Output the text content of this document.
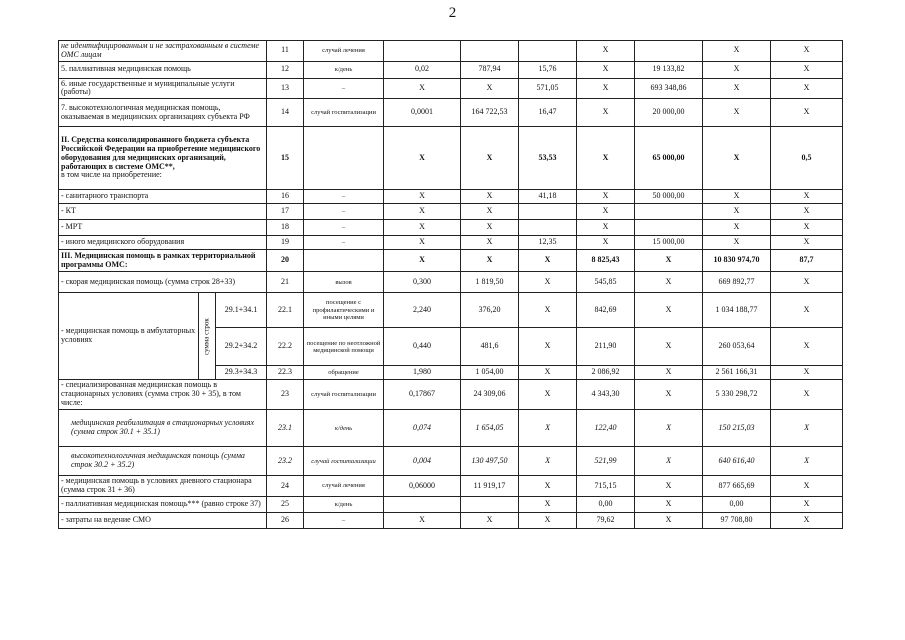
2
не идентифицированным и не застрахованным в системе ОМС лицам			11	случай лечения				Х		Х	Х
5. паллиативная медицинская помощь			12	к/день	0,02	787,94	15,76	Х	19 133,82	Х	Х
6. иные государственные и муниципальные услуги (работы)			13	–	Х	Х	571,05	Х	693 348,86	Х	Х
7. высокотехнологичная медицинская помощь, оказываемая в медицинских организациях субъекта РФ			14	случай госпитализации	0,0001	164 722,53	16,47	Х	20 000,00	Х	Х
II. Средства консолидированного бюджета субъекта Российской Федерации на приобретение медицинского оборудования для медицинских организаций, работающих в системе ОМС**,
в том числе на приобретение:			15		Х	Х	53,53	Х	65 000,00	Х	0,5
- санитарного транспорта			16	–	Х	Х	41,18	Х	50 000,00	Х	Х
- КТ			17	–	Х	Х		Х		Х	Х
- МРТ			18	–	Х	Х		Х		Х	Х
- иного медицинского оборудования			19	–	Х	Х	12,35	Х	15 000,00	Х	Х
III. Медицинская помощь в рамках территориальной программы ОМС:			20		Х	Х	Х	8 825,43	Х	10 830 974,70	87,7
- скорая медицинская помощь (сумма строк 28+33)			21	вызов	0,300	1 819,50	Х	545,85	Х	669 892,77	Х
- медицинская помощь в амбулаторных условиях	сумма строк	29.1+34.1	22.1	посещение с профилактическими и иными целями	2,240	376,20	Х	842,69	Х	1 034 188,77	Х
		29.2+34.2	22.2	посещение по неотложной медицинской помощи	0,440	481,6	Х	211,90	Х	260 053,64	Х
		29.3+34.3	22.3	обращение	1,980	1 054,00	Х	2 086,92	Х	2 561 166,31	Х
- специализированная медицинская помощь в стационарных условиях (сумма строк 30 + 35), в том числе:			23	случай госпитализации	0,17867	24 309,06	Х	4 343,30	Х	5 330 298,72	Х
медицинская реабилитация в стационарных условиях (сумма строк 30.1 + 35.1)			23.1	к/день	0,074	1 654,05	Х	122,40	Х	150 215,03	Х
высокотехнологичная медицинская помощь (сумма строк 30.2 + 35.2)			23.2	случай госпитализации	0,004	130 497,50	Х	521,99	Х	640 616,40	Х
- медицинская помощь в условиях дневного стационара (сумма строк 31 + 36)			24	случай лечения	0,06000	11 919,17	Х	715,15	Х	877 665,69	Х
- паллиативная медицинская помощь*** (равно строке 37)			25	к/день			Х	0,00	Х	0,00	Х
- затраты на ведение СМО			26	–	Х	Х	Х	79,62	Х	97 708,80	Х
